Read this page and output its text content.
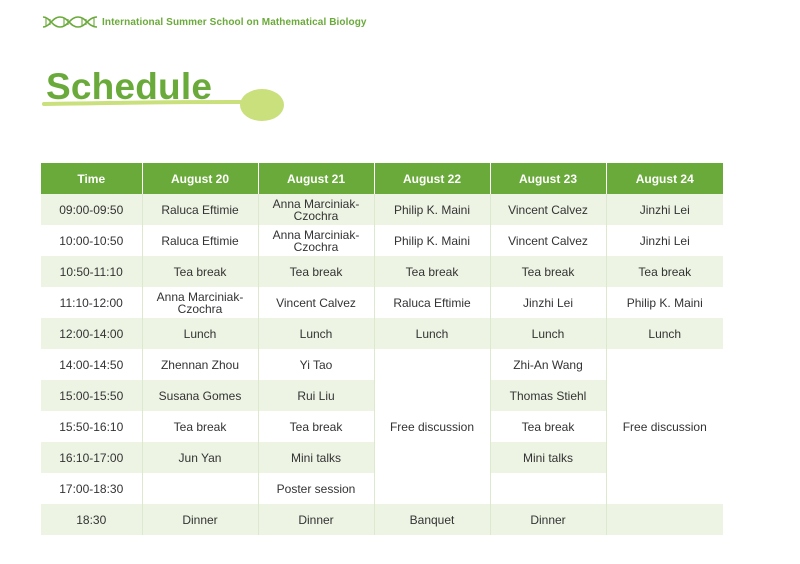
International Summer School on Mathematical Biology
Schedule
Time	August 20	August 21	August 22	August 23	August 24
09:00-09:50	Raluca Eftimie	Anna Marciniak-Czochra	Philip K. Maini	Vincent Calvez	Jinzhi Lei
10:00-10:50	Raluca Eftimie	Anna Marciniak-Czochra	Philip K. Maini	Vincent Calvez	Jinzhi Lei
10:50-11:10	Tea break	Tea break	Tea break	Tea break	Tea break
11:10-12:00	Anna Marciniak-Czochra	Vincent Calvez	Raluca Eftimie	Jinzhi Lei	Philip K. Maini
12:00-14:00	Lunch	Lunch	Lunch	Lunch	Lunch
14:00-14:50	Zhennan Zhou	Yi Tao	Free discussion	Zhi-An Wang	Free discussion
15:00-15:50	Susana Gomes	Rui Liu		Thomas Stiehl	
15:50-16:10	Tea break	Tea break		Tea break	
16:10-17:00	Jun Yan	Mini talks		Mini talks	
17:00-18:30		Poster session			
18:30	Dinner	Dinner	Banquet	Dinner	
